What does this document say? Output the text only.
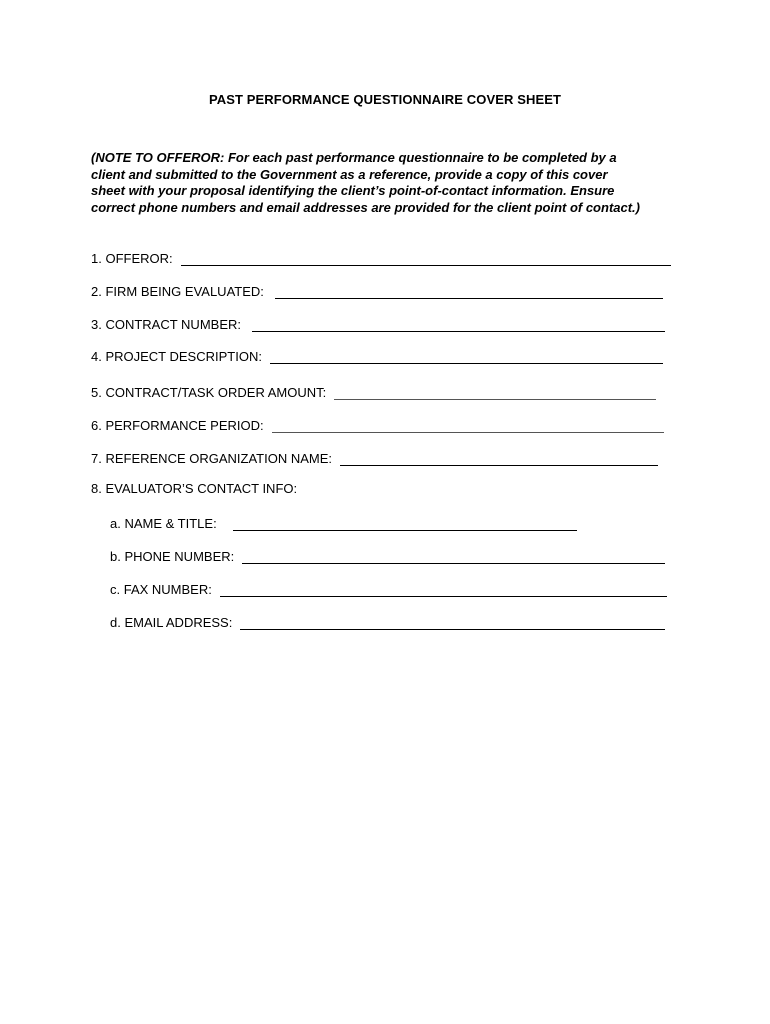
PAST PERFORMANCE QUESTIONNAIRE COVER SHEET

(NOTE TO OFFEROR: For each past performance questionnaire to be completed by a
client and submitted to the Government as a reference, provide a copy of this cover
sheet with your proposal identifying the client’s point-of-contact information. Ensure
correct phone numbers and email addresses are provided for the client point of contact.)

1. OFFEROR:
2. FIRM BEING EVALUATED:
3. CONTRACT NUMBER:
4. PROJECT DESCRIPTION:
5. CONTRACT/TASK ORDER AMOUNT:
6. PERFORMANCE PERIOD:
7. REFERENCE ORGANIZATION NAME:
8. EVALUATOR’S CONTACT INFO:
a. NAME & TITLE:
b. PHONE NUMBER:
c. FAX NUMBER:
d. EMAIL ADDRESS:
